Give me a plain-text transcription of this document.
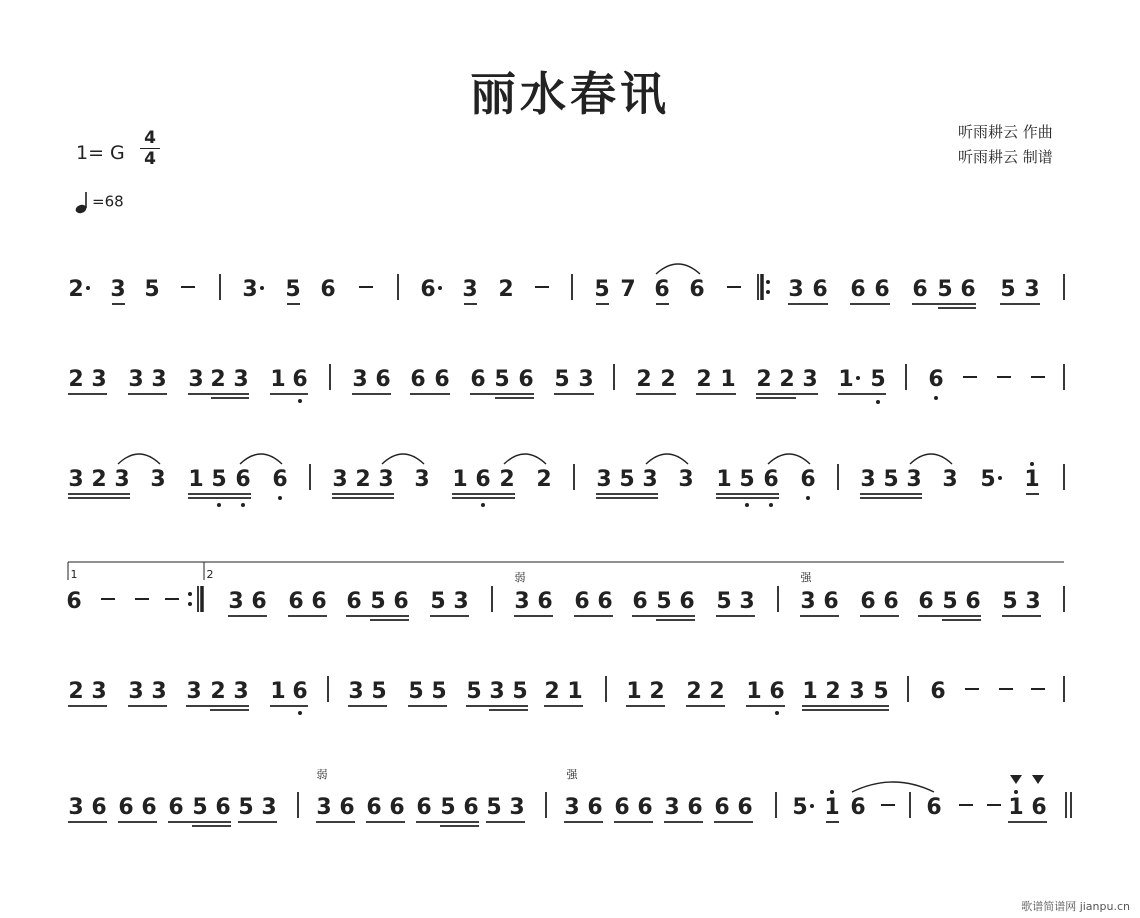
丽水春讯
听雨耕云 作曲
听雨耕云 制谱
1= G $\frac{4}{4}$
=68
2 3 5	3 5 6	6 3 2	5 7 6 6	3 6 6 6 6 5 6 5 3
2 3 3 3 3 2 3 1 6 3 6 6 6 6 5 6 5 3 2 2 2 1 2 2 3 1 5 6
3 2 3 3 1 5 6 6 3 2 3 3 1 6 2 2 3 5 3 3 1 5 6 6 3 5 3 3 5 1
1	2
6	3 6 6 6 6 5 6 5 3
弱
3 6 6 6 6 5 6 5 3
强
3 6 6 6 6 5 6 5 3
2 3 3 3 3 2 3 1 6 3 5 5 5 5 3 5 2 1 1 2 2 2 1 6 1 2 3 5 6
3 6 6 6 6 5 6 5 3
弱
3 6 6 6 6 5 6 5 3
强
3 6 6 6 3 6 6 6 5 1 6	6	1 6
歌谱简谱网 jianpu.cn
